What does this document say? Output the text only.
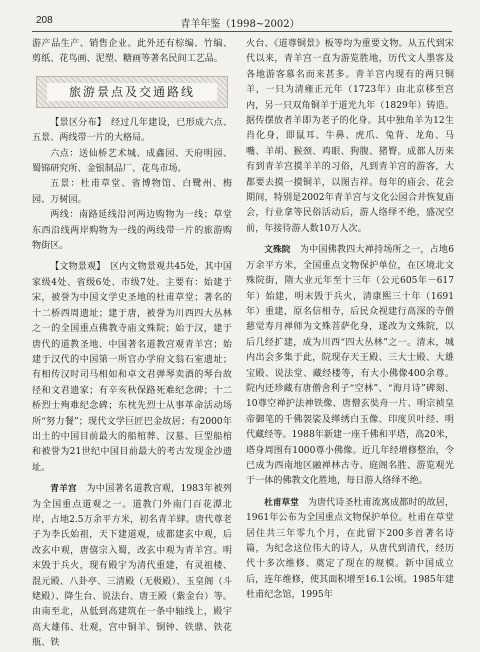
208	青羊年鉴（1998~2002）

游产品生产、销售企业。此外还有棕编、竹编、剪纸、花鸟画、泥塑、糖画等著名民间工艺品。

旅游景点及交通路线

【景区分布】　经过几年建设，已形成六点、五景、两线带一片的大格局。

六点：送仙桥艺术城、成鑫园、天府明园、蜀锦研究所、金银制品厂、花鸟市场。

五景：杜甫草堂、省博物馆、白鹭州、梅园、万树园。

两线：南路延线沿河两边购物为一线；草堂东西沿线两岸购物为一线的两线带一片的旅游购物街区。

【文物景观】　区内文物景观共45处，其中国家级4处、省级6处、市级7处。主要有：始建于宋，被誉为中国文学史圣地的杜甫草堂；著名的十二桥西周遗址；建于唐，被誉为川西四大丛林之一的全国重点佛教寺庙文殊院；始于汉，建于唐代的道教圣地、中国著名道教宫观青羊宫；始建于汉代的中国第一所官办学府文翁石室遗址；有相传汉时司马相如和卓文君弹琴卖酒的琴台故径和文君遗家；有辛亥秋保路死难纪念碑；十二桥烈士殉难纪念碑；东枕先烈士从事革命活动场所“努力餐”；现代文学巨匠巴金故居；有2000年出土的中国目前最大的船棺葬、汉墓、巨型船棺和被誉为21世纪中国目前最大的考古发现金沙遗址。

青羊宫　为中国著名道教宫观，1983年被列为全国重点道观之一。道教门外南门百花潭北岸，占地2.5万余平方米，初名青羊肆。唐代尊老子为李氏始祖，天下建道观，成都建玄中观，后改玄中观，唐僖宗入蜀，改玄中观为青羊宫。明末毁于兵火，现有殿宇为清代重建，有灵祖楼、混元殿、八卦亭、三清殿（无极殿）、玉皇阁（斗姥殿）、降生台、说法台、唐王殿（紫金台）等。由南至北，从低到高建筑在一条中轴线上，殿宇高大雄伟、壮观，宫中铜羊、铜钟、铁鼎、铁花瓶、铁

火台、《道尊铜景》板等均为重要文物。从五代到宋代以来，青羊宫一直为游览胜地，历代文人墨客及各地游客慕名而来甚多。青羊宫内现有的两只铜羊，一只为清雍正元年（1723年）由北京移至宫内，另一只双角铜羊于道光九年（1829年）铸造。据传摆放者羊即为老子的化身。其中独角羊为12生肖化身，即鼠耳、牛鼻、虎爪、兔背、龙角、马嘴、羊胡、猴颈、鸡眼、狗腹、猪臀。成都人历来有到青羊宫摸羊羊的习俗，凡到青羊宫的游客，大都要去摸一摸铜羊，以图吉祥。每年的庙会、花会期间，特别是2002年青羊宫与文化公园合并恢复庙会，行业拿等民俗活动后，游人络绎不绝，盛况空前，年接待游人数10万人次。

文殊院　为中国佛教四大禅持场所之一，占地6万余平方米，全国重点文物保护单位，在区境北文殊院街，隋大业元年至十三年（公元605年－617年）始建，明末毁于兵火，清康熙三十年（1691年）重建，原名信相寺，后民众视建行高深的寺僧慈觉寿月禅师为文殊菩萨化身，遂改为文殊院，以后几经扩建，成为川西“四大丛林”之一。清末，城内出会多集于此，院现存天王殿、三大士殿、大雄宝殿、说法堂、藏经楼等，有大小佛像400余尊。院内还珍藏有唐僧舍利子“空林”、“海月诗”碑刻、10尊空禅护法神铁像、唐僧玄奘舟一片、明宗祯皇帝御笔的千佛袈裟及缂绣白玉像、印度贝叶经、明代藏经等。1988年新建一座千佛和平塔，高20米，塔身周围有1000尊小佛像。近几年经增修整治，令已成为西南地区融禅林古寺、庭阁名胜、游览观光于一体的佛教文化胜地，每日游人络绎不绝。

杜甫草堂　为唐代诗圣杜甫流寓成都时的故居，1961年公布为全国重点文物保护单位。杜甫在草堂居住共三年零九个月，在此留下200多首著名诗篇，为纪念这位伟大的诗人，从唐代到清代，经历代十多次维修、奠定了现在的规模。新中国成立后，连年维修，使其面积增至16.1公顷。1985年建杜甫纪念馆，1995年
